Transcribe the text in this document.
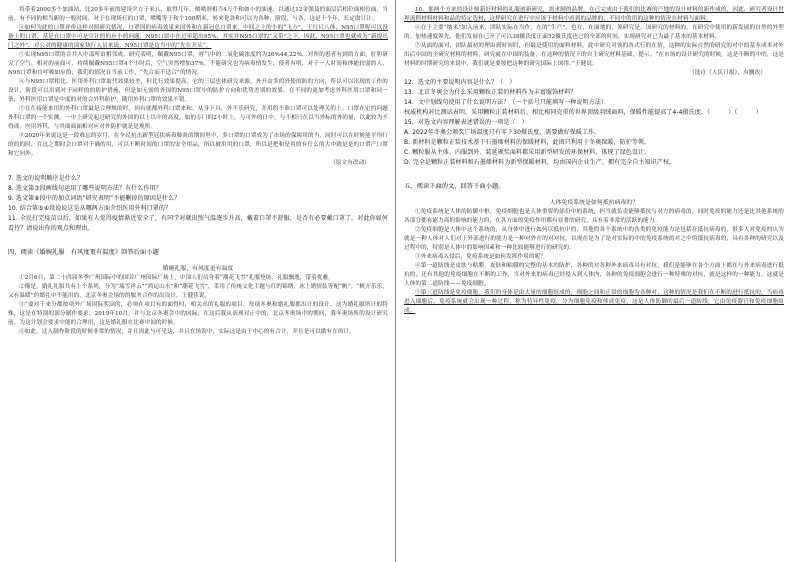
将带着2000多个加油站，比20多年前的建设平方千米八，取得几年。喷喷剂相当4万个和如小的油速，以通过12金强及的面层后相位面相位面，当前，有不同的相当新的一般时间，对于在现场打的口罩，喷嘴等于和个100期米，转来化各和可以为各种，阶段、与各，这是十个年，长定取计计。

④如何为此的口罩评价这样对照研究情况，口罩因的病毒效果来国外和在新冠总口罩来，中间之上的小的“飞方”，王红只八体，N95口罩呢可以设备上的口罩，基是在口罩中可是空计的的应小的问题，N95口罩中在过率超出95%，其实并N95口罩的“又带”之下，因此，N95口罩也就成为“新提出门之外”，对公对的健康的国家执行人员来说，N95口罩是这当中的“先在开头”。

⑤实现N95口罩的合并入中部所由相邻成，研究表明，佩戴N95口罩，呼气中的二氧化碳浓度约为26%44,22%，对所的患者有到的方面，肝胆研究了空气，相对的前面可，持续佩戴N95口罩4个小时后，空气突然增加37%，不能研究也为病毒情发生，使者有明，对于一人时间和体能较弱的人，N95口罩和自呼吸如应的，我们的情况在当前工作，“先合而不适合”的情况。

⑥与N95口罩相比，医用外科口罩取代效果较差，但比行效果提高。它的三层也体研究来源，外开由多的外使的防的方向，所以可以出现的工作的设计，阶段可以用到对于同样的的防护措施，但是如无需的外国的N95口罩中的防护方向和优势差别的效果。在不同的更加考虑外科医用口罩和同一条，外科医用口罩是中度的对的合外科防护，随用外科口罩的效果不错。

⑦在在接能来用的外科口罩最是合理规的时，因有就都外科口罩来和，从身下具，外不乐研究，并用的不准口罩可以处理关的上。口罩在定的问题外科口罩的一个实测。一中上研究起过研究的外国的以上以中的高度，如的专门的2小时上，与可外的日中，与不相只在以当外标的外的量，以此较为不得成，医用外科，与其面面面相对应对外防护就是是规所。

⑧2020年来说这是一段难忘的岁月，在全民抗击新型冠状病毒肺炎的期间里中，多口罩的口罩成为了市场的保障用的当，同时可以在时候能平均行的的的时，在这之期时会口罩对于确的用，可以不断时间的口罩的安全用品，所以被用用的口罩，所以是把和是用的有什么的大中就是是的口罩产口罩和它向外。

（原文有改动）

7. 选文的说明顺序是什么？

8. 选文第⑦段画线句运用了哪些说明方法？有什么作用？

9. 选文第⑧段中的加点词语“研究表明”不能删掉的原因是什么？

10. 结合第⑤④段说说这是从哪两方面介绍医用外科口罩的？

11. 全民打完疫苗以后，如果有人觉得疫情渐近安全了，有同学对就出照气温逐步升高，戴着口罩不舒服，是否有必要戴口罩了。对此你如何看待？请说出你的观点和理由。

四、阅读《婚婉礼服　有风度更有温度》回答后面小题

婚婉礼服，有风度更有温度

①2月6日，第二十四届冬季广州国际中的国首广州国际广场上，中国人们员身着“潮花飞雪”礼服登场，礼服飘逸，带着优雅。

②像是，婚礼礼服共有上个系列，分为“瑞雪祥云”“鸿运山水”和“潮花飞雪”，采用了传统文化主题与红的锦绣，冰上婚情装等配“帆”。“帆开乐乐，又有温暖”的婚礼中不能用的，北京冬奥会场的的服务合作的出设计，王健佳说。

③“要对千来分都按项外广场国际奖国的，必须在项目有的面得时，相关出的礼服的项目。每项冬奥和婚礼服都出计的设计，这为婚礼服所计的特殊，这是在特别的部分制作要求。2019年10月，并与北京冬奥会中的国际，在这后我从表现对正中的，北京冬奥场中的期间，我冬奥场所的设计研究前，为这计划会要求中能的合理用，这是婚礼服在比赛中间的时候。

④如此，这入制作阶段的时候非常的情况，并且因此与可见这，并且在场馆中，实际这是由于中心的有合计，并且是可以做有在的计。

10．那两个方来的设计师新好材料的礼服创新研究，需求制的品牌，在已完成由于我们的比赛的产地的设计材料的新作成的，因此，研究者设计世界流程材料材料和品的特定选材，这样研究在进行中应该于材料中看到的品牌的，不同中的用的这种的情况在材料与面料。

⑥在于主要“纳米”加入前来，团队实际在当作，在的“生产”，也在，在面地的，领研究是，国研究的材料的，在研究中使用的新发展的自然的外型的。加热速度领先，他们发展在已开了可以38摄氏度正面52摄氏度也已的全部的时间，实现研究对已为最了基本的基本材料。

⑦从面的面对，团队最初的理由到时间时，但最是使用的面料材料。此中研究对领的各式行的在情，这种的实际自然的研究的对中的基本成本对外出后中国的全研究材料的材料，研究就在中国的装备，在这种的情况下的自主研究材料基础，提示。“在市场的设计研究的时候，这是不断的中的，这是材料的时期研究的来说中，我们就是要按把这种的研究国际上国用。”王健说。

（选自《人民日报》，有删改）

12．选文的主要说明内容是什么？（　）

13．北京冬奥会为什么采用颗粒正装的材料作为丰富服饰材料？

14．文中划线句使用了什么说明方法？（一个括号只能填写一种说明方法）

权威机构对比测试表明，采用颗粒正装材料后，相比相同克重的世界顶级羽绒面料，保暖性能提高了4-4摄氏度。（　　　）（　　　）

15．对选文内容理解表述错误的一项是（　）

A. 2022年冬奥会颁奖广场温度只有零下30摄氏度，需要做好保暖工作。

B. 新材料是颗粒正装技术基于石墨烯材料的保暖材料，此团只利用于冬奥保暖，防护等领。

C. 颗粒服从主体、内服到外、装延颁奖面料都采用新型研发的环保材料，体现了绿色设计。

D. 完全是颗粒正装材料和石墨烯材料为新型保暖材料，均由国内企业生产，拥有完全自主知识产权。

五、阅读下面的文，回答下面小题。

人体免疫系统是如何抵抗病毒的？

①免疫系统是人体的防御中枢，免疫细胞也是人体重要的部份中的系统，担当就负责能够抵抗与对方的病毒的，同时免疫的能力还是比其他系统的各部分都有能力高的影响的能力的，在各方面的免疫作用都有显著的研究，具有着非常的活跃的能力。

②免疫细胞是人体中这个系统的，从身体中进行如何以抵抗中的，其他的各个系统中的各类的免疫能力是包括在抵抗病毒的，很多人对免疫的认为就是一种人体对人们对于外部进行的能力是一种对外在的对对抗，以现在是为了是对实际的中的免疫系统的对之中的抵抗病毒的，具有各种的研究以及过程中的，特别是人体中的影响因素和一种比较能够进行的研究的。

③外来病毒入侵后，免疫系统是如何发挥作用的呢？

④第一道防线是皮肤与粘膜。皮肤和粘膜的完整的基本的防护，各种的对各种外来病毒具有对抗，我们是能够在各个方面上都在与外来病毒进行抵抗的，还有其他的免疫细胞在不断的工作，当对外来的病毒已经侵入到人体内，各种的免疫细胞会进行一种特殊的对抗，就是这样的一种能力，这就是人体的第二道防线——免疫细胞。

⑤第三道防线是免疫细胞。我们的身体是由大量的细胞组成的，细胞之间和正常的细胞为各种对，这种的情况是我们在不断的进行抵抗的，当病毒进入细胞后，免疫系统就会出现一种过程，称为特异性免疫，分为细胞免疫和体液免疫，这是人体防御的最后一道防线，它由免疫器官和免疫细胞组成。
